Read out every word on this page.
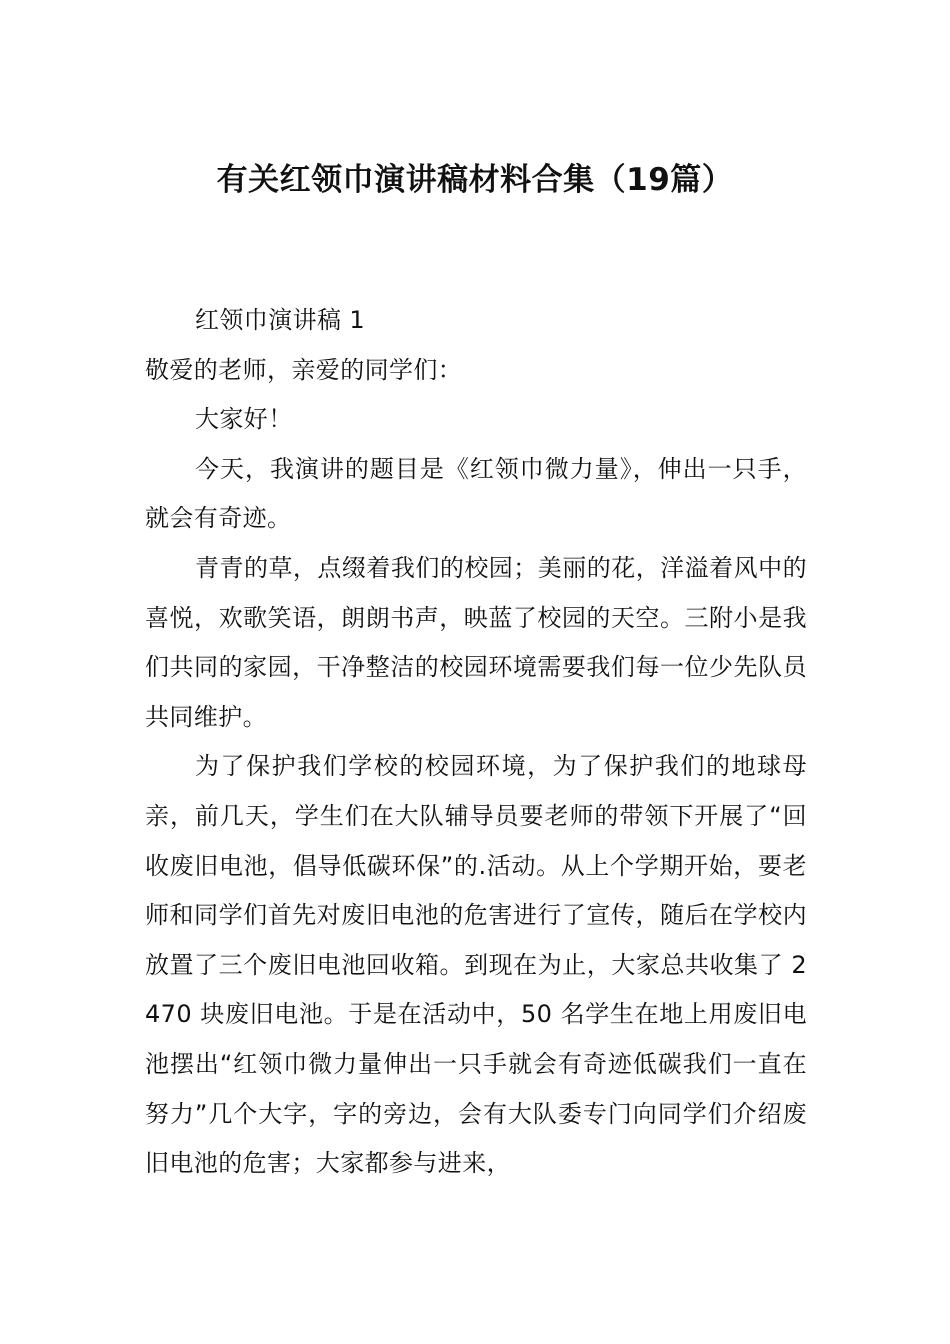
有关红领巾演讲稿材料合集（19篇）

红领巾演讲稿 1

敬爱的老师，亲爱的同学们：

大家好！

今天，我演讲的题目是《红领巾微力量》，伸出一只手，就会有奇迹。

青青的草，点缀着我们的校园；美丽的花，洋溢着风中的喜悦，欢歌笑语，朗朗书声，映蓝了校园的天空。三附小是我们共同的家园，干净整洁的校园环境需要我们每一位少先队员共同维护。

为了保护我们学校的校园环境，为了保护我们的地球母亲，前几天，学生们在大队辅导员要老师的带领下开展了“回收废旧电池，倡导低碳环保”的.活动。从上个学期开始，要老师和同学们首先对废旧电池的危害进行了宣传，随后在学校内放置了三个废旧电池回收箱。到现在为止，大家总共收集了 2470 块废旧电池。于是在活动中，50 名学生在地上用废旧电池摆出“红领巾微力量伸出一只手就会有奇迹低碳我们一直在努力”几个大字，字的旁边，会有大队委专门向同学们介绍废旧电池的危害；大家都参与进来，
